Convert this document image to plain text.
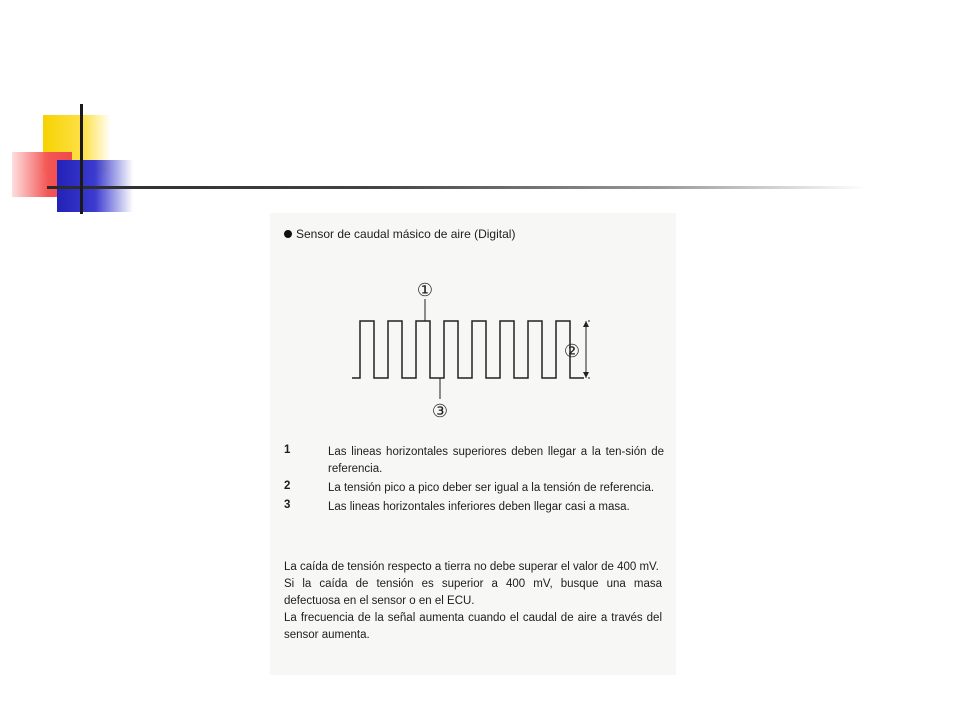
Sensor de caudal másico de aire (Digital)
①
②
③
1	Las lineas horizontales superiores deben llegar a la ten-sión de referencia.
2	La tensión pico a pico deber ser igual a la tensión de referencia.
3	Las lineas horizontales inferiores deben llegar casi a masa.

La caída de tensión respecto a tierra no debe superar el valor de 400 mV.

Si la caída de tensión es superior a 400 mV, busque una masa defectuosa en el sensor o en el ECU.

La frecuencia de la señal aumenta cuando el caudal de aire a través del sensor aumenta.
